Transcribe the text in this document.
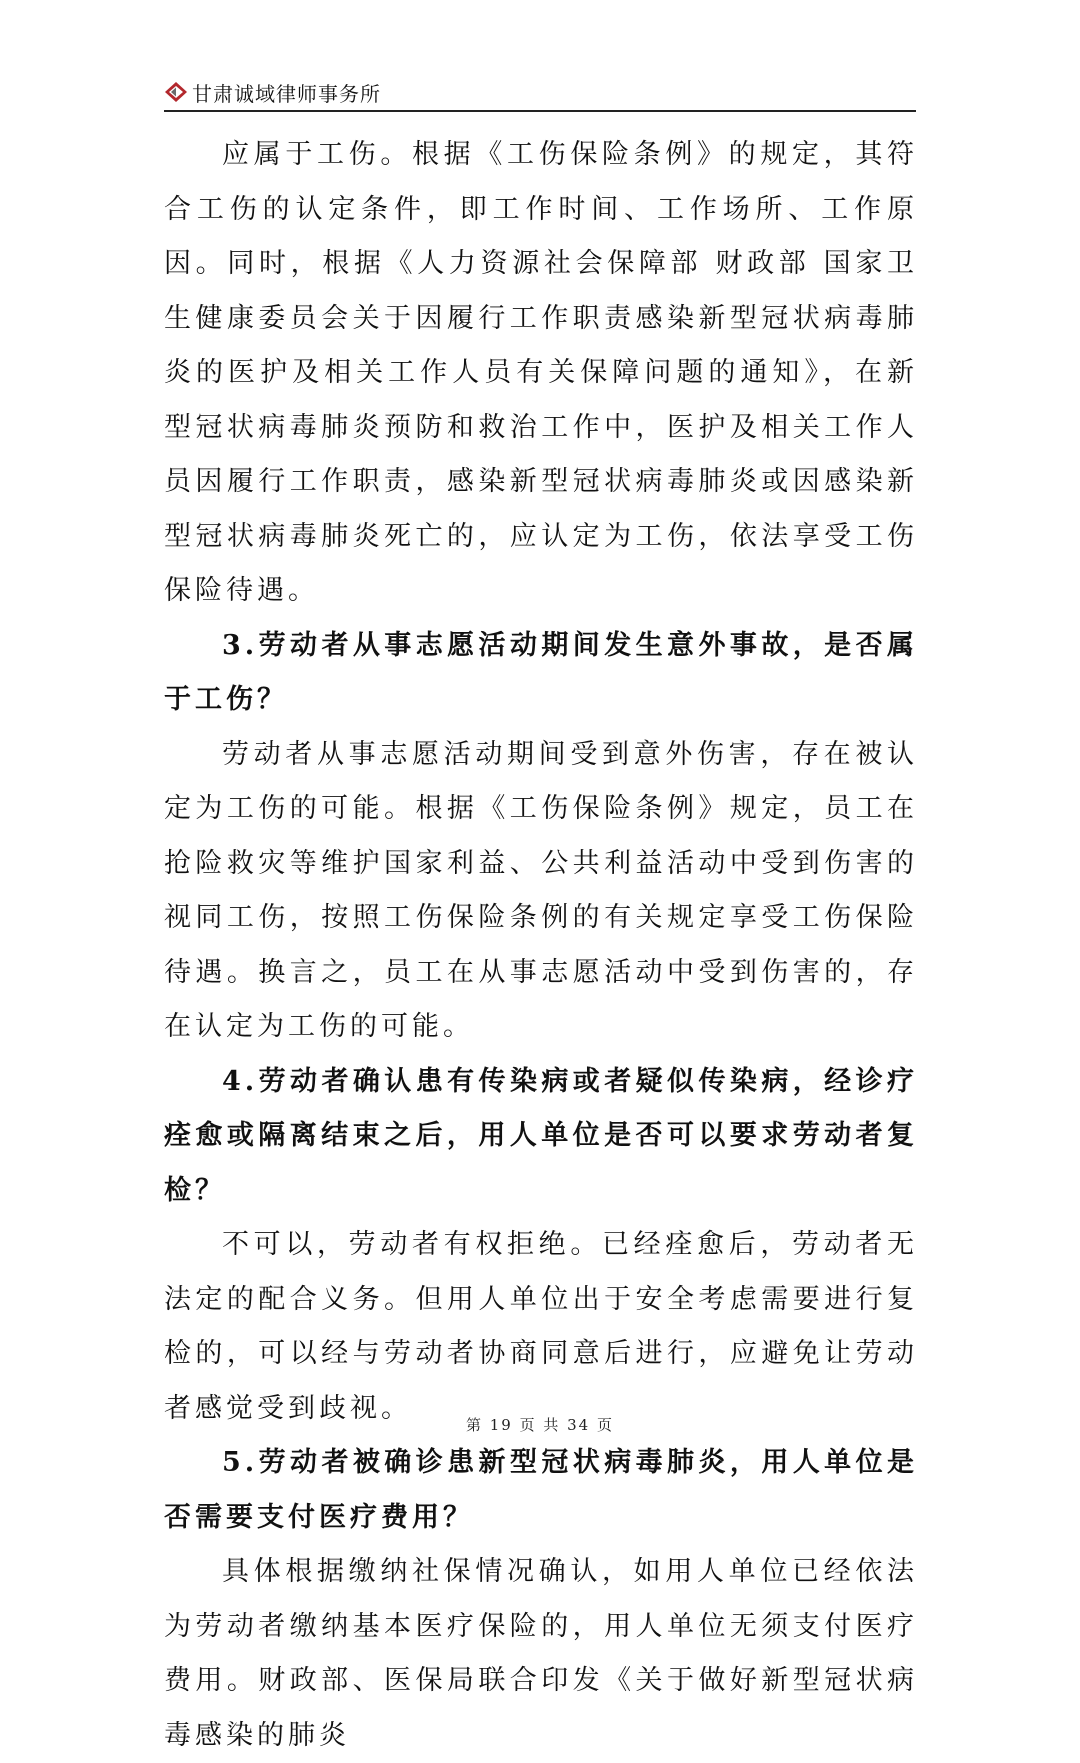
甘肃诚域律师事务所

应属于工伤。根据《工伤保险条例》的规定，其符合工伤的认定条件，即工作时间、工作场所、工作原因。同时，根据《人力资源社会保障部 财政部 国家卫生健康委员会关于因履行工作职责感染新型冠状病毒肺炎的医护及相关工作人员有关保障问题的通知》，在新型冠状病毒肺炎预防和救治工作中，医护及相关工作人员因履行工作职责，感染新型冠状病毒肺炎或因感染新型冠状病毒肺炎死亡的，应认定为工伤，依法享受工伤保险待遇。

3.劳动者从事志愿活动期间发生意外事故，是否属于工伤？

劳动者从事志愿活动期间受到意外伤害，存在被认定为工伤的可能。根据《工伤保险条例》规定，员工在抢险救灾等维护国家利益、公共利益活动中受到伤害的视同工伤，按照工伤保险条例的有关规定享受工伤保险待遇。换言之，员工在从事志愿活动中受到伤害的，存在认定为工伤的可能。

4.劳动者确认患有传染病或者疑似传染病，经诊疗痊愈或隔离结束之后，用人单位是否可以要求劳动者复检？

不可以，劳动者有权拒绝。已经痊愈后，劳动者无法定的配合义务。但用人单位出于安全考虑需要进行复检的，可以经与劳动者协商同意后进行，应避免让劳动者感觉受到歧视。

5.劳动者被确诊患新型冠状病毒肺炎，用人单位是否需要支付医疗费用？

具体根据缴纳社保情况确认，如用人单位已经依法为劳动者缴纳基本医疗保险的，用人单位无须支付医疗费用。财政部、医保局联合印发《关于做好新型冠状病毒感染的肺炎

第 19 页 共 34 页
